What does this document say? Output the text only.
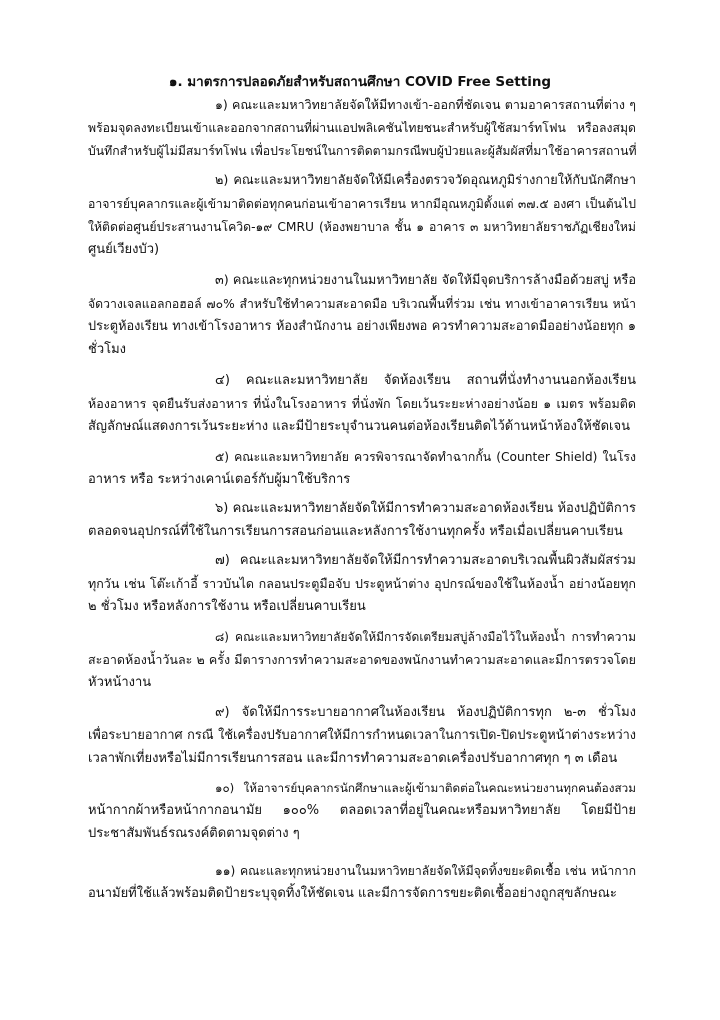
๑. มาตรการปลอดภัยสำหรับสถานศึกษา COVID Free Setting
๑) คณะและมหาวิทยาลัยจัดให้มีทางเข้า-ออกที่ชัดเจน ตามอาคารสถานที่ต่าง ๆ
พร้อมจุดลงทะเบียนเข้าและออกจากสถานที่ผ่านแอปพลิเคชันไทยชนะสำหรับผู้ใช้สมาร์ทโฟน หรือลงสมุด
บันทึกสำหรับผู้ไม่มีสมาร์ทโฟน เพื่อประโยชน์ในการติดตามกรณีพบผู้ป่วยและผู้สัมผัสที่มาใช้อาคารสถานที่
๒) คณะและมหาวิทยาลัยจัดให้มีเครื่องตรวจวัดอุณหภูมิร่างกายให้กับนักศึกษา
อาจารย์บุคลากรและผู้เข้ามาติดต่อทุกคนก่อนเข้าอาคารเรียน หากมีอุณหภูมิตั้งแต่ ๓๗.๕ องศา เป็นต้นไป
ให้ติดต่อศูนย์ประสานงานโควิด-๑๙ CMRU (ห้องพยาบาล ชั้น ๑ อาคาร ๓ มหาวิทยาลัยราชภัฏเชียงใหม่
ศูนย์เวียงบัว)
๓) คณะและทุกหน่วยงานในมหาวิทยาลัย จัดให้มีจุดบริการล้างมือด้วยสบู่ หรือ
จัดวางเจลแอลกอฮอล์ ๗๐% สำหรับใช้ทำความสะอาดมือ บริเวณพื้นที่ร่วม เช่น ทางเข้าอาคารเรียน หน้า
ประตูห้องเรียน ทางเข้าโรงอาหาร ห้องสำนักงาน อย่างเพียงพอ ควรทำความสะอาดมืออย่างน้อยทุก ๑
ชั่วโมง
๔) คณะและมหาวิทยาลัย จัดห้องเรียน สถานที่นั่งทำงานนอกห้องเรียน
ห้องอาหาร จุดยืนรับส่งอาหาร ที่นั่งในโรงอาหาร ที่นั่งพัก โดยเว้นระยะห่างอย่างน้อย ๑ เมตร พร้อมติด
สัญลักษณ์แสดงการเว้นระยะห่าง และมีป้ายระบุจำนวนคนต่อห้องเรียนติดไว้ด้านหน้าห้องให้ชัดเจน
๕) คณะและมหาวิทยาลัย ควรพิจารณาจัดทำฉากกั้น (Counter Shield) ในโรง
อาหาร หรือ ระหว่างเคาน์เตอร์กับผู้มาใช้บริการ
๖) คณะและมหาวิทยาลัยจัดให้มีการทำความสะอาดห้องเรียน ห้องปฏิบัติการ
ตลอดจนอุปกรณ์ที่ใช้ในการเรียนการสอนก่อนและหลังการใช้งานทุกครั้ง หรือเมื่อเปลี่ยนคาบเรียน
๗) คณะและมหาวิทยาลัยจัดให้มีการทำความสะอาดบริเวณพื้นผิวสัมผัสร่วม
ทุกวัน เช่น โต๊ะเก้าอี้ ราวบันได กลอนประตูมือจับ ประตูหน้าต่าง อุปกรณ์ของใช้ในห้องน้ำ อย่างน้อยทุก
๒ ชั่วโมง หรือหลังการใช้งาน หรือเปลี่ยนคาบเรียน
๘) คณะและมหาวิทยาลัยจัดให้มีการจัดเตรียมสบู่ล้างมือไว้ในห้องน้ำ การทำความ
สะอาดห้องน้ำวันละ ๒ ครั้ง มีตารางการทำความสะอาดของพนักงานทำความสะอาดและมีการตรวจโดย
หัวหน้างาน
๙) จัดให้มีการระบายอากาศในห้องเรียน ห้องปฏิบัติการทุก ๒-๓ ชั่วโมง
เพื่อระบายอากาศ กรณี ใช้เครื่องปรับอากาศให้มีการกำหนดเวลาในการเปิด-ปิดประตูหน้าต่างระหว่าง
เวลาพักเที่ยงหรือไม่มีการเรียนการสอน และมีการทำความสะอาดเครื่องปรับอากาศทุก ๆ ๓ เดือน
๑๐) ให้อาจารย์บุคลากรนักศึกษาและผู้เข้ามาติดต่อในคณะหน่วยงานทุกคนต้องสวม
หน้ากากผ้าหรือหน้ากากอนามัย ๑๐๐% ตลอดเวลาที่อยู่ในคณะหรือมหาวิทยาลัย โดยมีป้าย
ประชาสัมพันธ์รณรงค์ติดตามจุดต่าง ๆ
๑๑) คณะและทุกหน่วยงานในมหาวิทยาลัยจัดให้มีจุดทิ้งขยะติดเชื้อ เช่น หน้ากาก
อนามัยที่ใช้แล้วพร้อมติดป้ายระบุจุดทิ้งให้ชัดเจน และมีการจัดการขยะติดเชื้ออย่างถูกสุขลักษณะ
